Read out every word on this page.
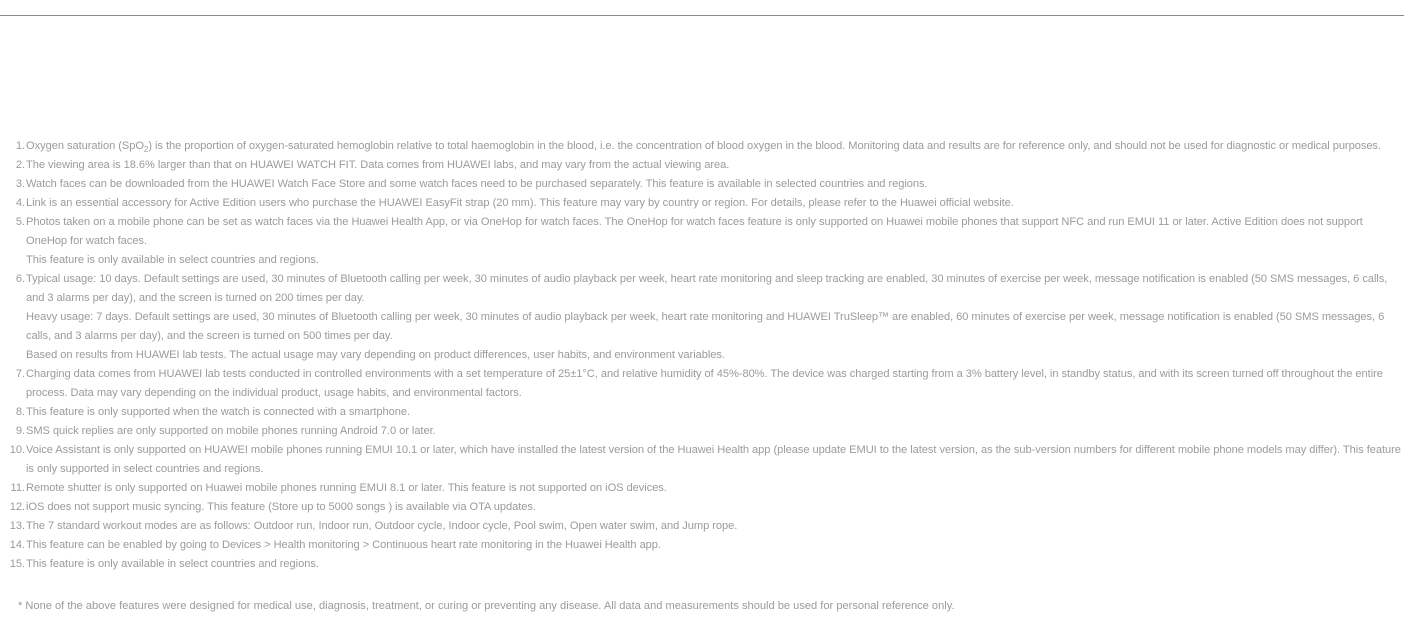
1. Oxygen saturation (SpO$_2$) is the proportion of oxygen-saturated hemoglobin relative to total haemoglobin in the blood, i.e. the concentration of blood oxygen in the blood. Monitoring data and results are for reference only, and should not be used for diagnostic or medical purposes.
2. The viewing area is 18.6% larger than that on HUAWEI WATCH FIT. Data comes from HUAWEI labs, and may vary from the actual viewing area.
3. Watch faces can be downloaded from the HUAWEI Watch Face Store and some watch faces need to be purchased separately. This feature is available in selected countries and regions.
4. Link is an essential accessory for Active Edition users who purchase the HUAWEI EasyFit strap (20 mm). This feature may vary by country or region. For details, please refer to the Huawei official website.
5. Photos taken on a mobile phone can be set as watch faces via the Huawei Health App, or via OneHop for watch faces. The OneHop for watch faces feature is only supported on Huawei mobile phones that support NFC and run EMUI 11 or later. Active Edition does not support OneHop for watch faces.
This feature is only available in select countries and regions.
6. Typical usage: 10 days. Default settings are used, 30 minutes of Bluetooth calling per week, 30 minutes of audio playback per week, heart rate monitoring and sleep tracking are enabled, 30 minutes of exercise per week, message notification is enabled (50 SMS messages, 6 calls, and 3 alarms per day), and the screen is turned on 200 times per day.
Heavy usage: 7 days. Default settings are used, 30 minutes of Bluetooth calling per week, 30 minutes of audio playback per week, heart rate monitoring and HUAWEI TruSleep™ are enabled, 60 minutes of exercise per week, message notification is enabled (50 SMS messages, 6 calls, and 3 alarms per day), and the screen is turned on 500 times per day.
Based on results from HUAWEI lab tests. The actual usage may vary depending on product differences, user habits, and environment variables.
7. Charging data comes from HUAWEI lab tests conducted in controlled environments with a set temperature of 25±1°C, and relative humidity of 45%-80%. The device was charged starting from a 3% battery level, in standby status, and with its screen turned off throughout the entire process. Data may vary depending on the individual product, usage habits, and environmental factors.
8. This feature is only supported when the watch is connected with a smartphone.
9. SMS quick replies are only supported on mobile phones running Android 7.0 or later.
10. Voice Assistant is only supported on HUAWEI mobile phones running EMUI 10.1 or later, which have installed the latest version of the Huawei Health app (please update EMUI to the latest version, as the sub-version numbers for different mobile phone models may differ). This feature is only supported in select countries and regions.
11. Remote shutter is only supported on Huawei mobile phones running EMUI 8.1 or later. This feature is not supported on iOS devices.
12. iOS does not support music syncing. This feature (Store up to 5000 songs ) is available via OTA updates.
13. The 7 standard workout modes are as follows: Outdoor run, Indoor run, Outdoor cycle, Indoor cycle, Pool swim, Open water swim, and Jump rope.
14. This feature can be enabled by going to Devices > Health monitoring > Continuous heart rate monitoring in the Huawei Health app.
15. This feature is only available in select countries and regions.
* None of the above features were designed for medical use, diagnosis, treatment, or curing or preventing any disease. All data and measurements should be used for personal reference only.
